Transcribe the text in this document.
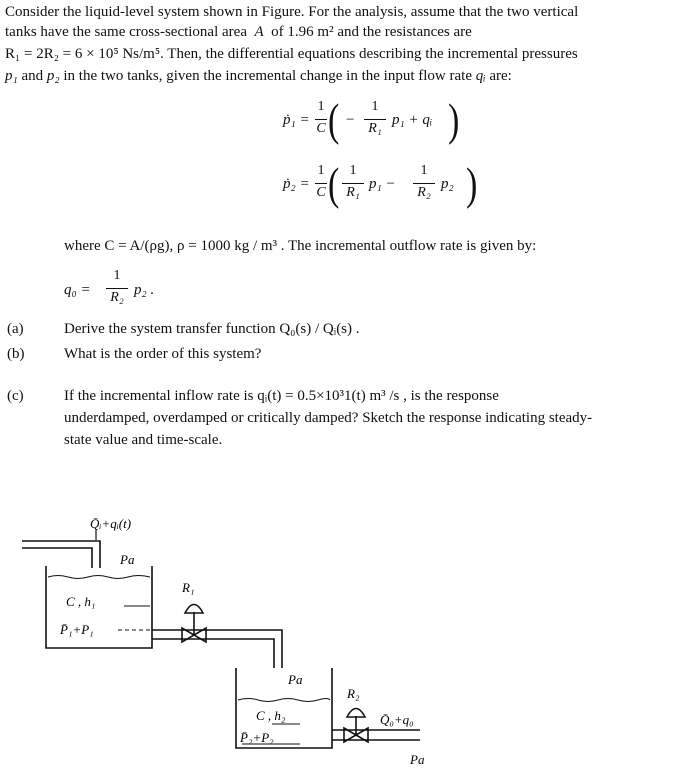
Consider the liquid-level system shown in Figure. For the analysis, assume that the two vertical
tanks have the same cross-sectional area  A  of 1.96 m² and the resistances are
R₁ = 2R₂ = 6 × 10⁵ Ns/m⁵. Then, the differential equations describing the incremental pressures
p₁ and p₂ in the two tanks, given the incremental change in the input flow rate qᵢ are:
ṗ₁ =
1
C ( −
1
R₁
p₁ + qᵢ )
ṗ₂ =
1
C ( 1
R₁
p₁ −
1
R₂
p₂ )
where C = A/(ρg), ρ = 1000 kg / m³ . The incremental outflow rate is given by:
q₀ =
1
R₂ p₂ .
(a)	Derive the system transfer function Q₀(s) / Qᵢ(s) .
(b)	What is the order of this system?
(c)	If the incremental inflow rate is qᵢ(t) = 0.5×10³1(t) m³ /s , is the response
underdamped, overdamped or critically damped? Sketch the response indicating steady-
state value and time-scale.
Q̄ᵢ+qᵢ(t)
Pa
C , h₁
P̄₁+P₁
R₁
Pa
C , h₂
P̄₂+P₂
R₂
Q̄₀+q₀
Pa
